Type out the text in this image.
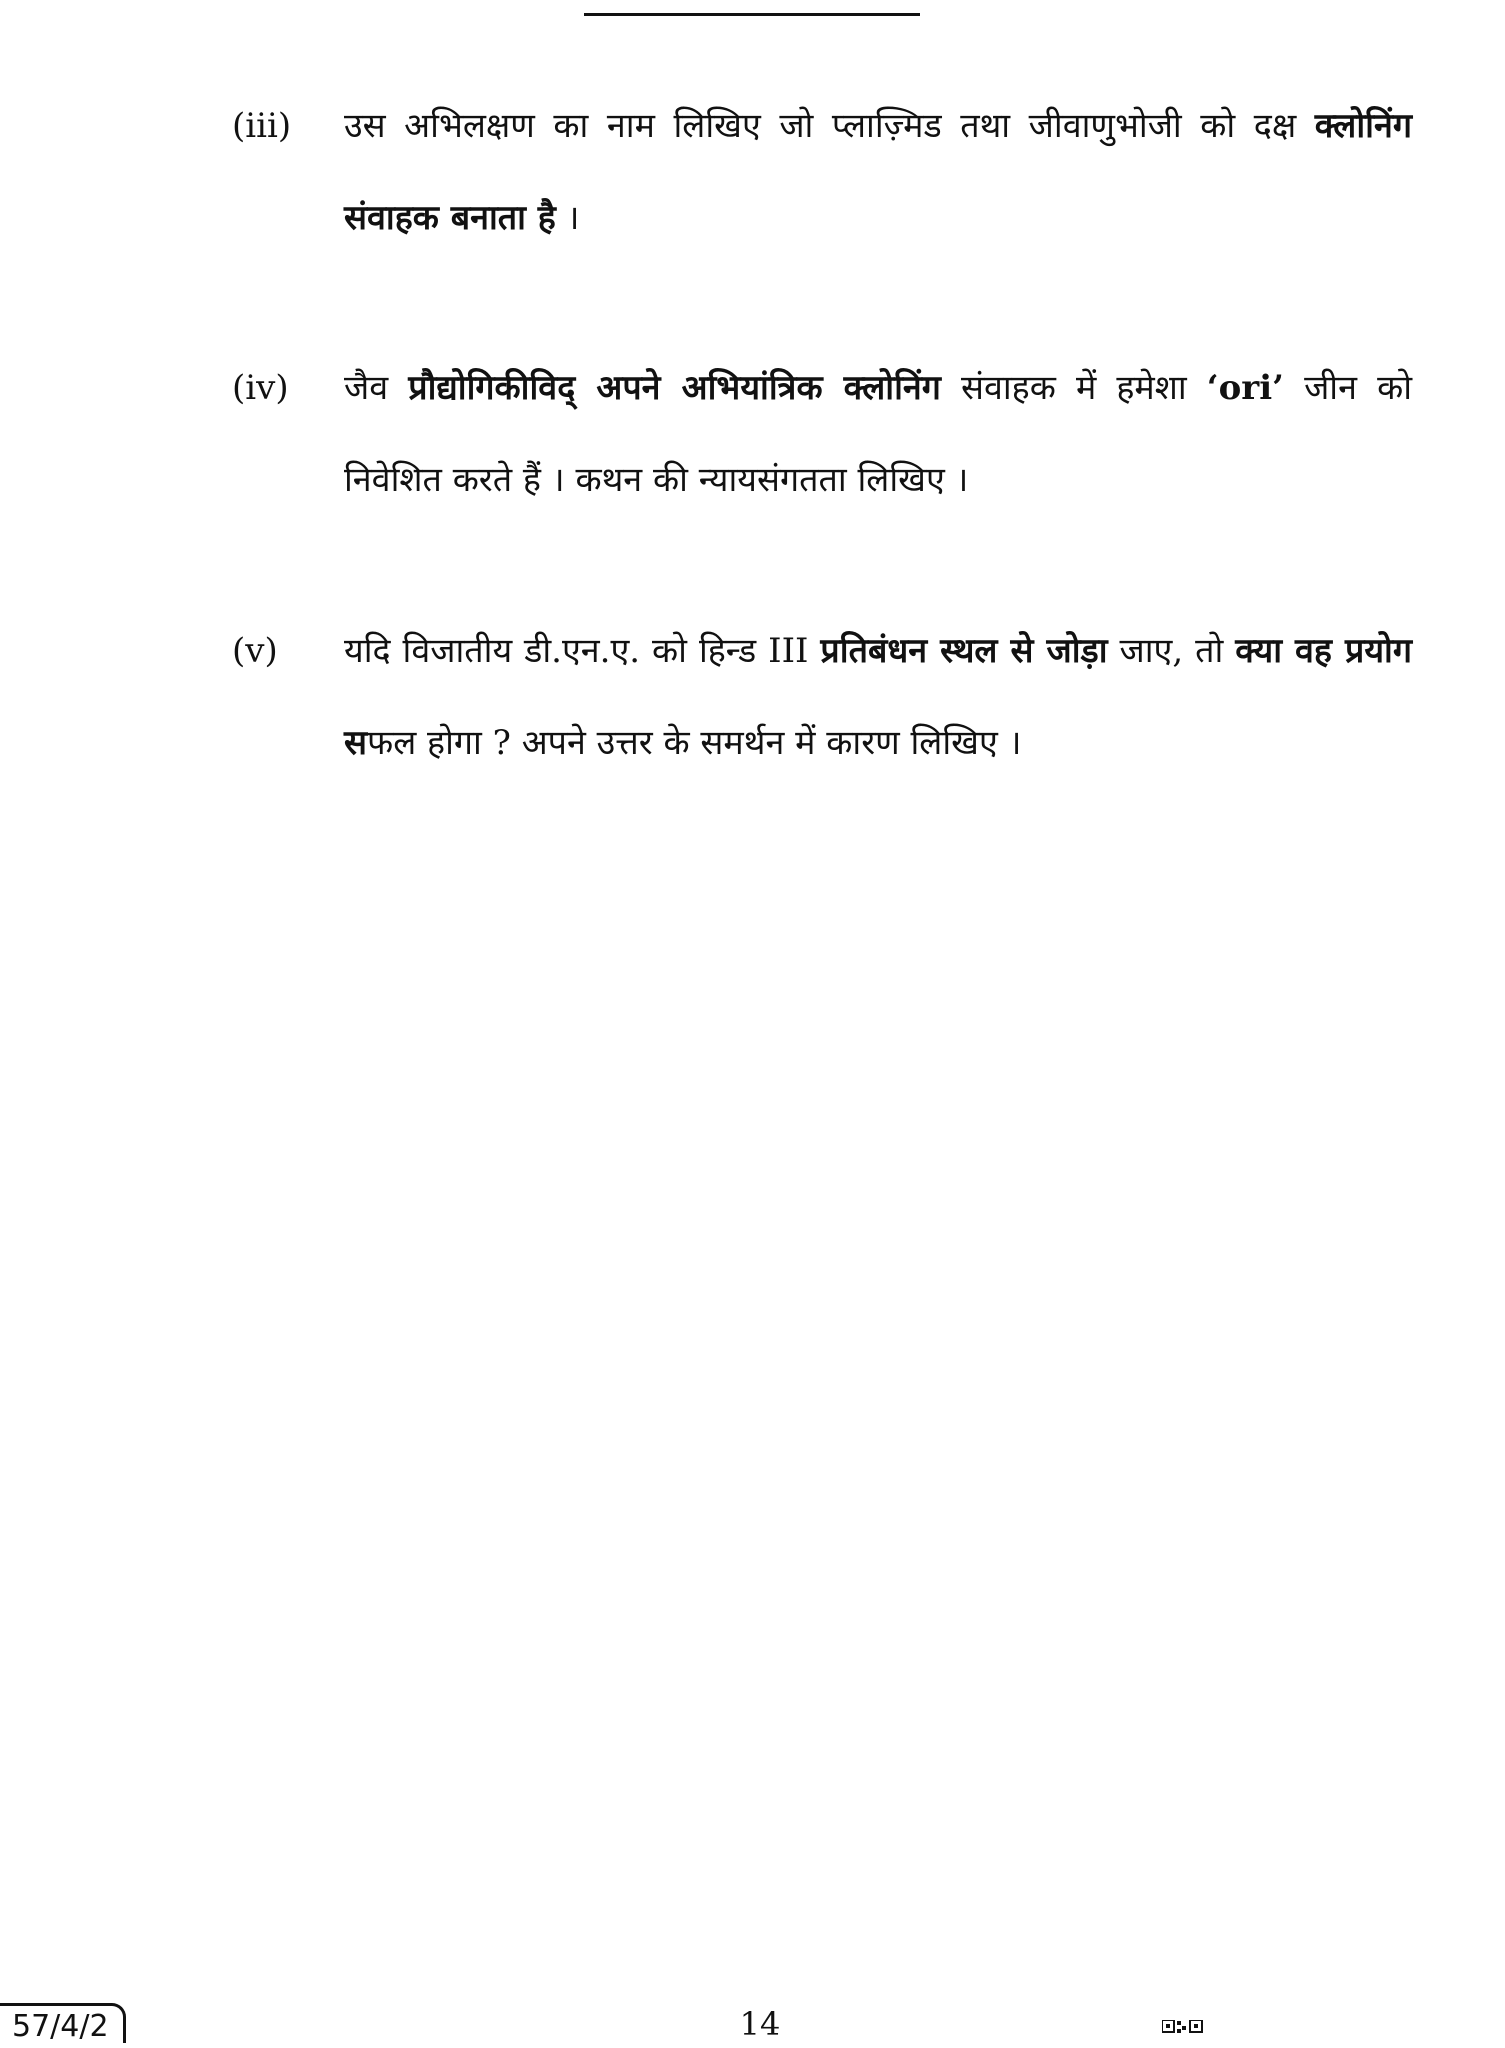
(iii) उस अभिलक्षण का नाम लिखिए जो प्लाज़्मिड तथा जीवाणुभोजी को दक्ष क्लोनिंग संवाहक बनाता है ।
(iv) जैव प्रौद्योगिकीविद् अपने अभियांत्रिक क्लोनिंग संवाहक में हमेशा ‘ori’ जीन को निवेशित करते हैं । कथन की न्यायसंगतता लिखिए ।
(v) यदि विजातीय डी.एन.ए. को हिन्ड III प्रतिबंधन स्थल से जोड़ा जाए, तो क्या वह प्रयोग सफल होगा ? अपने उत्तर के समर्थन में कारण लिखिए ।
57/4/2	14
